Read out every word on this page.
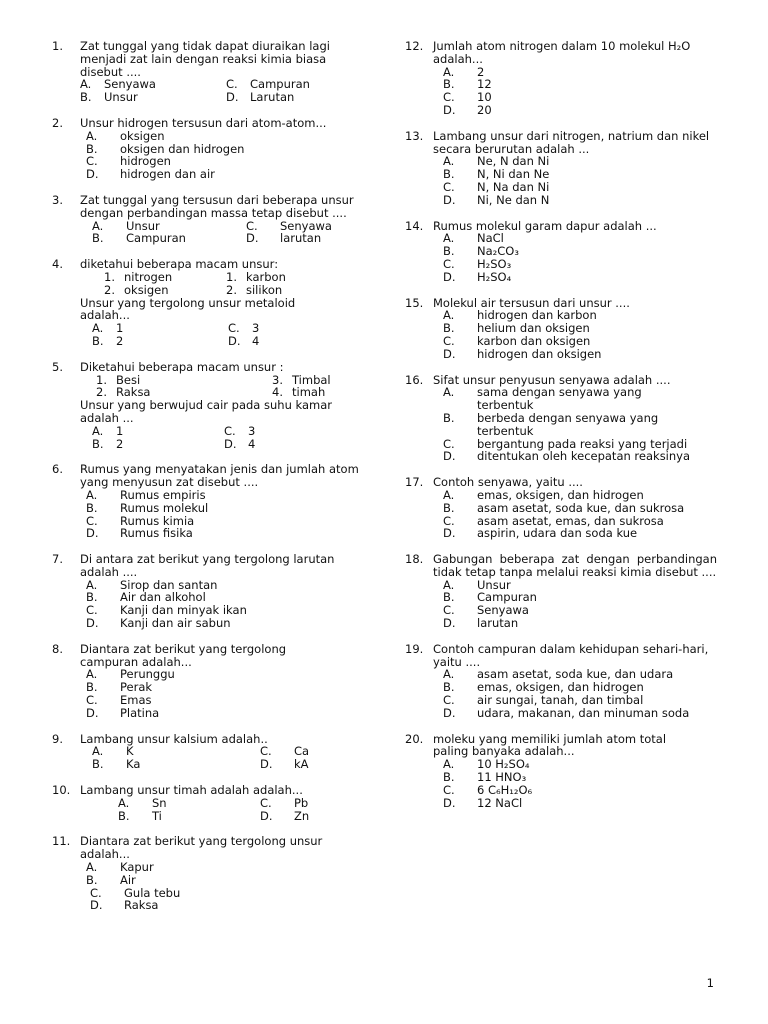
1. Zat tunggal yang tidak dapat diuraikan lagi menjadi zat lain dengan reaksi kimia biasa disebut ....
A.	Senyawa	C.	Campuran
B.	Unsur	D. Larutan
2. Unsur hidrogen tersusun dari atom-atom...
A.	oksigen
B.	oksigen dan hidrogen
C.	hidrogen
D.	hidrogen dan air
3. Zat tunggal yang tersusun dari beberapa unsur dengan perbandingan massa tetap disebut ....
A.	Unsur	C.	Senyawa
B.	Campuran	D.	larutan
4. diketahui beberapa macam unsur:
1. nitrogen	1. karbon
2. oksigen	2. silikon
Unsur yang tergolong unsur metaloid adalah...
A.	1	C.	3
B.	2	D. 4
5. Diketahui beberapa macam unsur :
1. Besi	3. Timbal
2. Raksa	4. timah
Unsur yang berwujud cair pada suhu kamar adalah ...
A.	1	C.	3
B.	2	D. 4
6. Rumus yang menyatakan jenis dan jumlah atom yang menyusun zat disebut ....
A.	Rumus empiris
B.	Rumus molekul
C.	Rumus kimia
D.	Rumus fisika
7. Di antara zat berikut yang tergolong larutan adalah ....
A.	Sirop dan santan
B.	Air dan alkohol
C.	Kanji dan minyak ikan
D.	Kanji dan air sabun
8. Diantara zat berikut yang tergolong campuran adalah...
A.	Perunggu
B.	Perak
C.	Emas
D.	Platina
9. Lambang unsur kalsium adalah..
A.	K	C.	Ca
B.	Ka	D.	kA
10. Lambang unsur timah adalah adalah...
A.	Sn	C.	Pb
B.	Ti	D.	Zn
11. Diantara zat berikut yang tergolong unsur adalah...
A.	Kapur
B.	Air
C.	Gula tebu
D.	Raksa
12. Jumlah atom nitrogen dalam 10 molekul H₂O adalah...
A.	2
B.	12
C.	10
D.	20
13. Lambang unsur dari nitrogen, natrium dan nikel secara berurutan adalah ...
A.	Ne, N dan Ni
B.	N, Ni dan Ne
C.	N, Na dan Ni
D.	Ni, Ne dan N
14. Rumus molekul garam dapur adalah ...
A.	NaCl
B.	Na₂CO₃
C.	H₂SO₃
D.	H₂SO₄
15. Molekul air tersusun dari unsur ....
A.	hidrogen dan karbon
B.	helium dan oksigen
C.	karbon dan oksigen
D.	hidrogen dan oksigen
16. Sifat unsur penyusun senyawa adalah ....
A.	sama dengan senyawa yang terbentuk
B.	berbeda dengan senyawa yang terbentuk
C.	bergantung pada reaksi yang terjadi
D.	ditentukan oleh kecepatan reaksinya
17. Contoh senyawa, yaitu ....
A.	emas, oksigen, dan hidrogen
B.	asam asetat, soda kue, dan sukrosa
C.	asam asetat, emas, dan sukrosa
D.	aspirin, udara dan soda kue
18. Gabungan beberapa zat dengan perbandingan tidak tetap tanpa melalui reaksi kimia disebut ....
A.	Unsur
B.	Campuran
C.	Senyawa
D.	larutan
19. Contoh campuran dalam kehidupan sehari-hari, yaitu ....
A.	asam asetat, soda kue, dan udara
B.	emas, oksigen, dan hidrogen
C.	air sungai, tanah, dan timbal
D.	udara, makanan, dan minuman soda
20. moleku yang memiliki jumlah atom total paling banyaka adalah...
A.	10 H₂SO₄
B.	11 HNO₃
C.	6 C₆H₁₂O₆
D.	12 NaCl
1
